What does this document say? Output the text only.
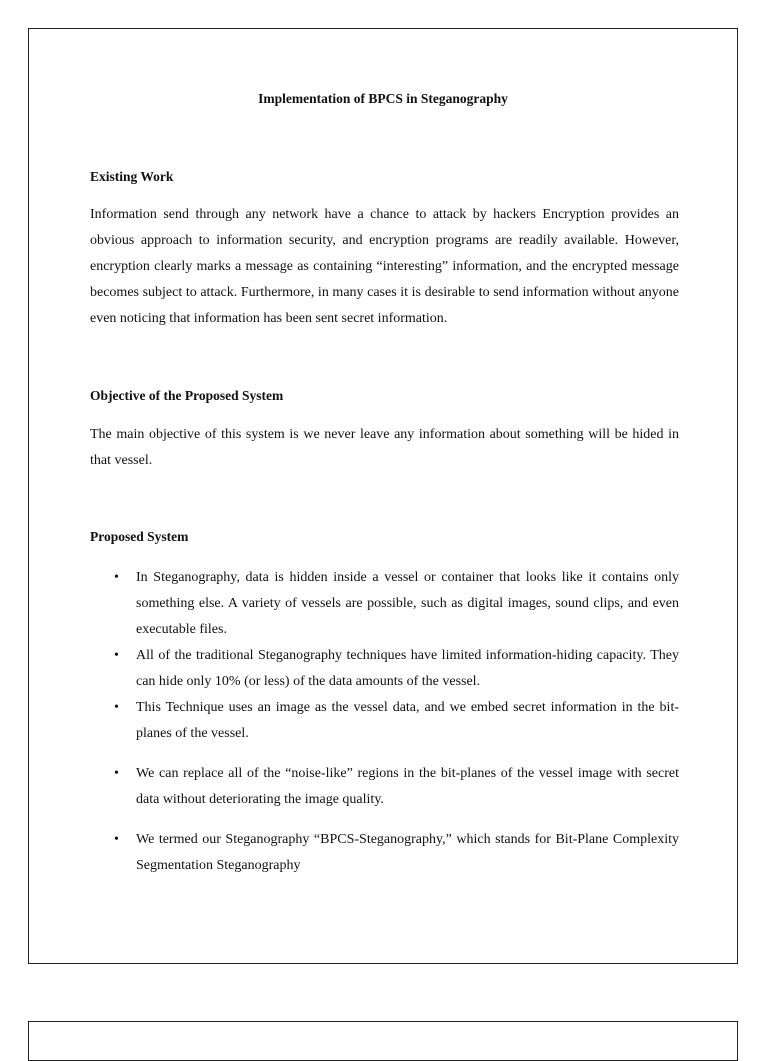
Implementation of BPCS in Steganography
Existing Work
Information send through any network have a chance to attack by hackers Encryption provides an obvious approach to information security, and encryption programs are readily available. However, encryption clearly marks a message as containing “interesting” information, and the encrypted message becomes subject to attack. Furthermore, in many cases it is desirable to send information without anyone even noticing that information has been sent secret information.
Objective of the Proposed System
The main objective of this system is we never leave any information about something will be hided in that vessel.
Proposed System
• In Steganography, data is hidden inside a vessel or container that looks like it contains only something else. A variety of vessels are possible, such as digital images, sound clips, and even executable files.
• All of the traditional Steganography techniques have limited information-hiding capacity. They can hide only 10% (or less) of the data amounts of the vessel.
• This Technique uses an image as the vessel data, and we embed secret information in the bit-planes of the vessel.
• We can replace all of the “noise-like” regions in the bit-planes of the vessel image with secret data without deteriorating the image quality.
• We termed our Steganography “BPCS-Steganography,” which stands for Bit-Plane Complexity Segmentation Steganography
